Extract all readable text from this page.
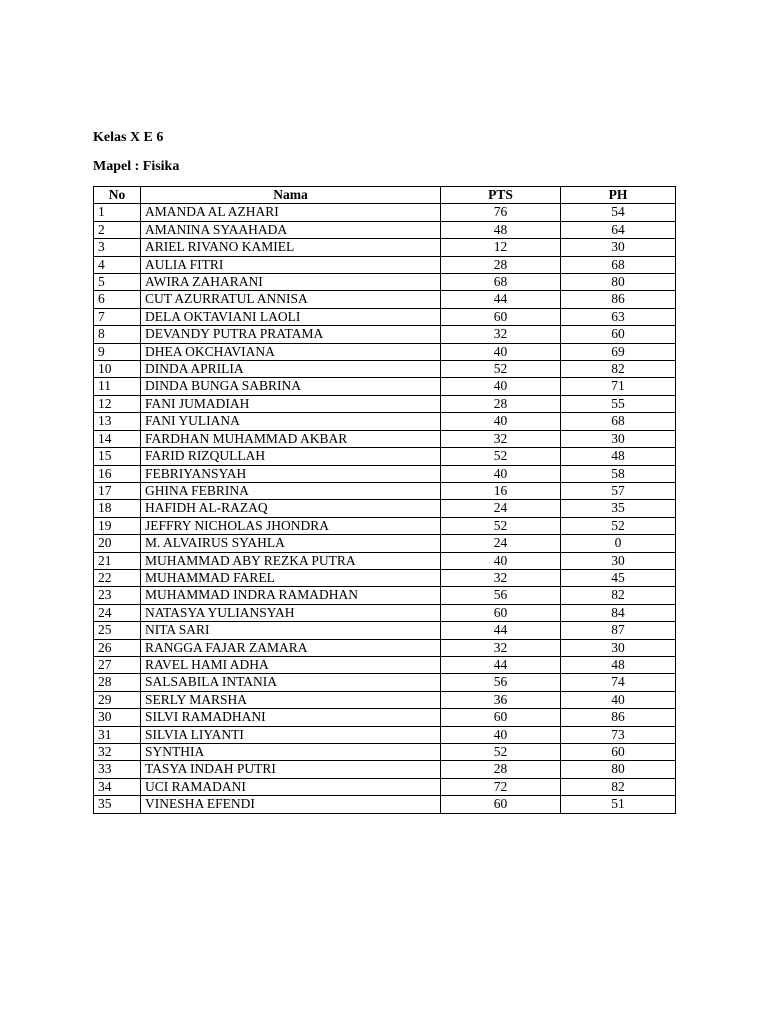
Kelas X E 6

Mapel : Fisika

No	Nama	PTS	PH
1	AMANDA AL AZHARI	76	54
2	AMANINA SYAAHADA	48	64
3	ARIEL RIVANO KAMIEL	12	30
4	AULIA FITRI	28	68
5	AWIRA ZAHARANI	68	80
6	CUT AZURRATUL ANNISA	44	86
7	DELA OKTAVIANI LAOLI	60	63
8	DEVANDY PUTRA PRATAMA	32	60
9	DHEA OKCHAVIANA	40	69
10	DINDA APRILIA	52	82
11	DINDA BUNGA SABRINA	40	71
12	FANI JUMADIAH	28	55
13	FANI YULIANA	40	68
14	FARDHAN MUHAMMAD AKBAR	32	30
15	FARID RIZQULLAH	52	48
16	FEBRIYANSYAH	40	58
17	GHINA FEBRINA	16	57
18	HAFIDH AL-RAZAQ	24	35
19	JEFFRY NICHOLAS JHONDRA	52	52
20	M. ALVAIRUS SYAHLA	24	0
21	MUHAMMAD ABY REZKA PUTRA	40	30
22	MUHAMMAD FAREL	32	45
23	MUHAMMAD INDRA RAMADHAN	56	82
24	NATASYA YULIANSYAH	60	84
25	NITA SARI	44	87
26	RANGGA FAJAR ZAMARA	32	30
27	RAVEL HAMI ADHA	44	48
28	SALSABILA INTANIA	56	74
29	SERLY MARSHA	36	40
30	SILVI RAMADHANI	60	86
31	SILVIA LIYANTI	40	73
32	SYNTHIA	52	60
33	TASYA INDAH PUTRI	28	80
34	UCI RAMADANI	72	82
35	VINESHA EFENDI	60	51
